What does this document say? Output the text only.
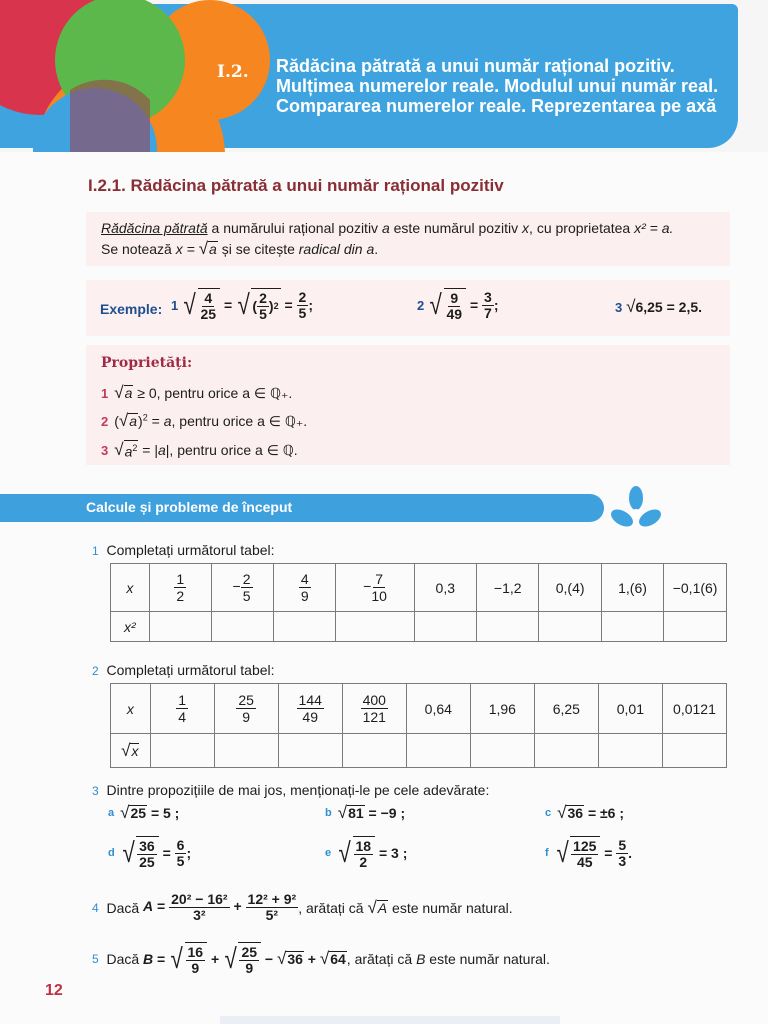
I.2. Rădăcina pătrată a unui număr rațional pozitiv.
Mulțimea numerelor reale. Modulul unui număr real.
Compararea numerelor reale. Reprezentarea pe axă
I.2.1. Rădăcina pătrată a unui număr rațional pozitiv
Rădăcina pătrată a numărului rațional pozitiv a este numărul pozitiv x, cu proprietatea x² = a.
Se notează x = √ a și se citește radical din a.
Exemple: 1
√ $\frac{4}{25}$ = √ ( $\frac{2}{5}$ ) $2 = \frac{2}{5}$ ;	2
√ $\frac{9}{49} = \frac{3}{7}$ ;	3
√ 6,25 = 2,5.
Proprietăți:
1 √ a ≥ 0, pentru orice a ∈ ℚ₊.
2 ( √ a )$^2$ = a, pentru orice a ∈ ℚ₊.
3 √ $a^2 = |a|$, pentru orice a ∈ ℚ.
Calcule și probleme de început
1 Completați următorul tabel:
x	$\frac{1}{2}$	− $\frac{2}{5}$	$\frac{4}{9}$	− $\frac{7}{10}$	0,3	−1,2	0,(4)	1,(6)	−0,1(6)
x²									
2 Completați următorul tabel:
x	$\frac{1}{4}$	$\frac{25}{9}$	$\frac{144}{49}$	$\frac{400}{121}$	0,64	1,96	6,25	0,01	0,0121

√ x									

3 Dintre propozițiile de mai jos, menționați-le pe cele adevărate:
a √ 25
= 5 ;	b √ 81
= −9 ;	c √ 36
= ±6 ;
d √ $\frac{36}{25} = \frac{6}{5}$ ;	e √ $\frac{18}{2} = 3$ ;	f √ $\frac{125}{45} = \frac{5}{3}$ .
4
Dacă
$A = \frac{\text{20² − 16²}}{\text{3²}} + \frac{\text{12² + 9²}}{\text{5²}}$ , arătați că
√ A
este număr natural.
5
Dacă
B = √ $\frac{16}{9}$ + √ $\frac{25}{9}$ − √ 36 + √ 64 , arătați că
B
este număr natural.
12
